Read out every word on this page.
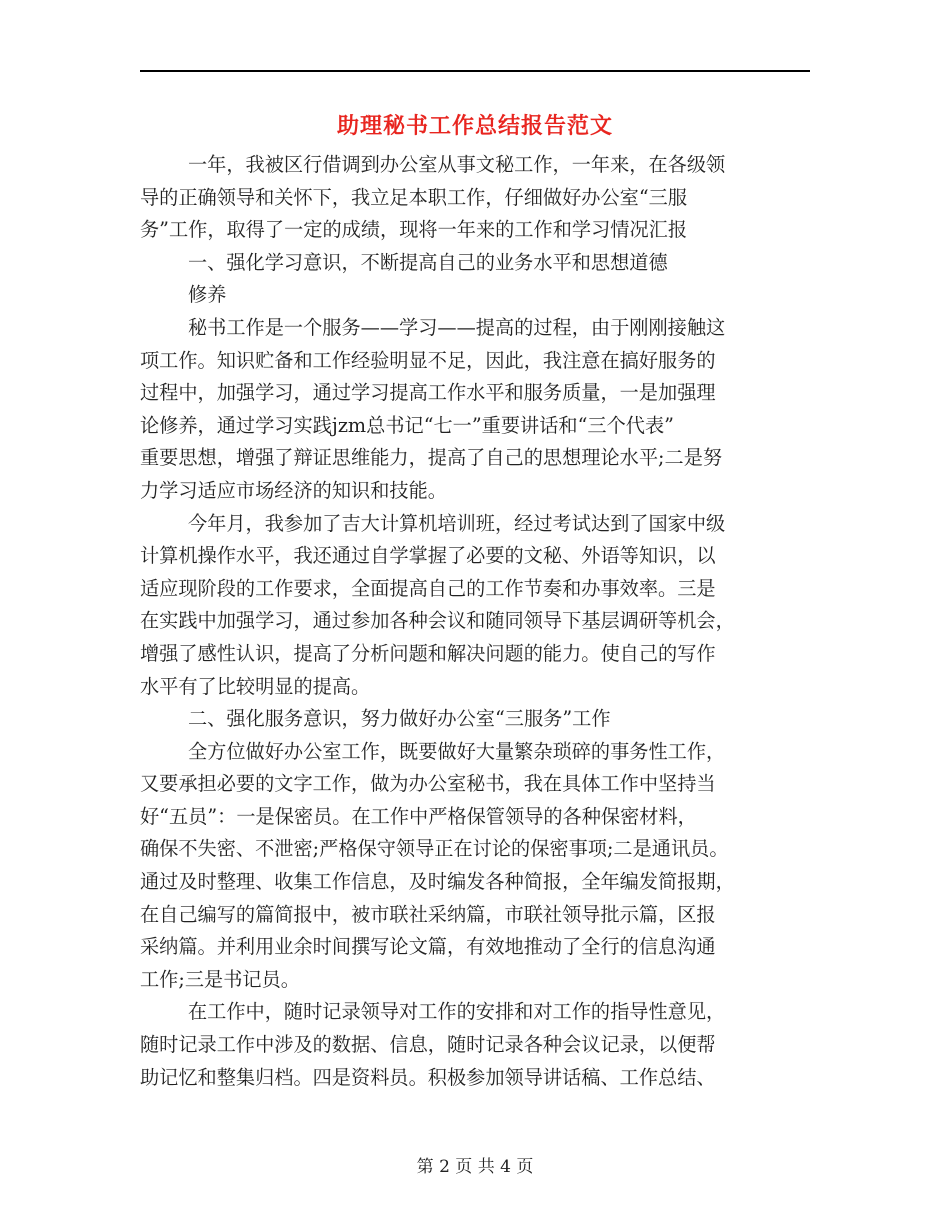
助理秘书工作总结报告范文
一年，我被区行借调到办公室从事文秘工作，一年来，在各级领
导的正确领导和关怀下，我立足本职工作，仔细做好办公室“三服
务”工作，取得了一定的成绩，现将一年来的工作和学习情况汇报
一、强化学习意识，不断提高自己的业务水平和思想道德
修养
秘书工作是一个服务——学习——提高的过程，由于刚刚接触这
项工作。知识贮备和工作经验明显不足，因此，我注意在搞好服务的
过程中，加强学习，通过学习提高工作水平和服务质量，一是加强理
论修养，通过学习实践jzm总书记“七一”重要讲话和“三个代表”
重要思想，增强了辩证思维能力，提高了自己的思想理论水平;二是努
力学习适应市场经济的知识和技能。
今年月，我参加了吉大计算机培训班，经过考试达到了国家中级
计算机操作水平，我还通过自学掌握了必要的文秘、外语等知识，以
适应现阶段的工作要求，全面提高自己的工作节奏和办事效率。三是
在实践中加强学习，通过参加各种会议和随同领导下基层调研等机会，
增强了感性认识，提高了分析问题和解决问题的能力。使自己的写作
水平有了比较明显的提高。
二、强化服务意识，努力做好办公室“三服务”工作
全方位做好办公室工作，既要做好大量繁杂琐碎的事务性工作，
又要承担必要的文字工作，做为办公室秘书，我在具体工作中坚持当
好“五员”：一是保密员。在工作中严格保管领导的各种保密材料，
确保不失密、不泄密;严格保守领导正在讨论的保密事项;二是通讯员。
通过及时整理、收集工作信息，及时编发各种简报，全年编发简报期，
在自己编写的篇简报中，被市联社采纳篇，市联社领导批示篇，区报
采纳篇。并利用业余时间撰写论文篇，有效地推动了全行的信息沟通
工作;三是书记员。
在工作中，随时记录领导对工作的安排和对工作的指导性意见，
随时记录工作中涉及的数据、信息，随时记录各种会议记录，以便帮
助记忆和整集归档。四是资料员。积极参加领导讲话稿、工作总结、
第 2 页 共 4 页
